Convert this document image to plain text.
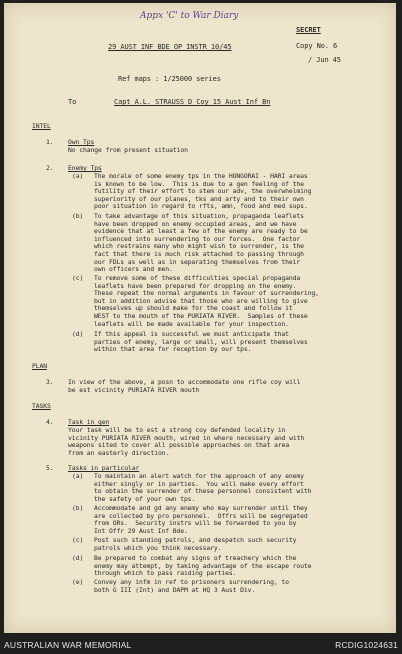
Appx 'C' to War Diary
SECRET
Copy No. 6
/ Jun 45
29 AUST INF BDE OP INSTR 10/45
Ref maps : 1/25000 series
To	Capt A.L. STRAUSS D Coy 15 Aust Inf Bn
INTEL
1. Own Tps
No change from present situation
2. Enemy Tps
(a) The morale of some enemy tps in the HONGORAI - HARI areas
is known to be low.  This is due to a gen feeling of the
futility of their effort to stem our adv, the overwhelming
superiority of our planes, tks and arty and to their own
poor situation in regard to rfts, amn, food and med sups.
(b) To take advantage of this situation, propaganda leaflets
have been dropped on enemy occupied areas, and we have
evidence that at least a few of the enemy are ready to be
influenced into surrendering to our forces.  One factor
which restrains many who might wish to surrender, is the
fact that there is much risk attached to passing through
our FDLs as well as in separating themselves from their
own officers and men.
(c) To remove some of these difficulties special propaganda
leaflets have been prepared for dropping on the enemy.
These repeat the normal arguments in favour of surrendering,
but in addition advise that those who are willing to give
themselves up should make for the coast and follow it
WEST to the mouth of the PURIATA RIVER.  Samples of these
leaflets will be made available for your inspection.
(d) If this appeal is successful we must anticipate that
parties of enemy, large or small, will present themselves
within that area for reception by our tps.
PLAN
3. In view of the above, a posn to accommodate one rifle coy will
be est vicinity PURIATA RIVER mouth
TASKS
4. Task in gen
Your task will be to est a strong coy defended locality in
vicinity PURIATA RIVER mouth, wired in where necessary and with
weapons sited to cover all possible approaches on that area
from an easterly direction.
5. Tasks in particular
(a) To maintain an alert watch for the approach of any enemy
either singly or in parties.  You will make every effort
to obtain the surrender of these personnel consistent with
the safety of your own tps.
(b) Accommodate and gd any enemy who may surrender until they
are collected by pro personnel.  Offrs will be segregated
from ORs.  Security instrs will be forwarded to you by
Int Offr 29 Aust Inf Bde.
(c) Post such standing patrols, and despatch such security
patrols which you think necessary.
(d) Be prepared to combat any signs of treachery which the
enemy may attempt, by taking advantage of the escape route
through which to pass raiding parties.
(e) Convey any infm in ref to prisoners surrendering, to
both G III (Int) and DAPM at HQ 3 Aust Div.
AUSTRALIAN WAR MEMORIAL	RCDIG1024631
